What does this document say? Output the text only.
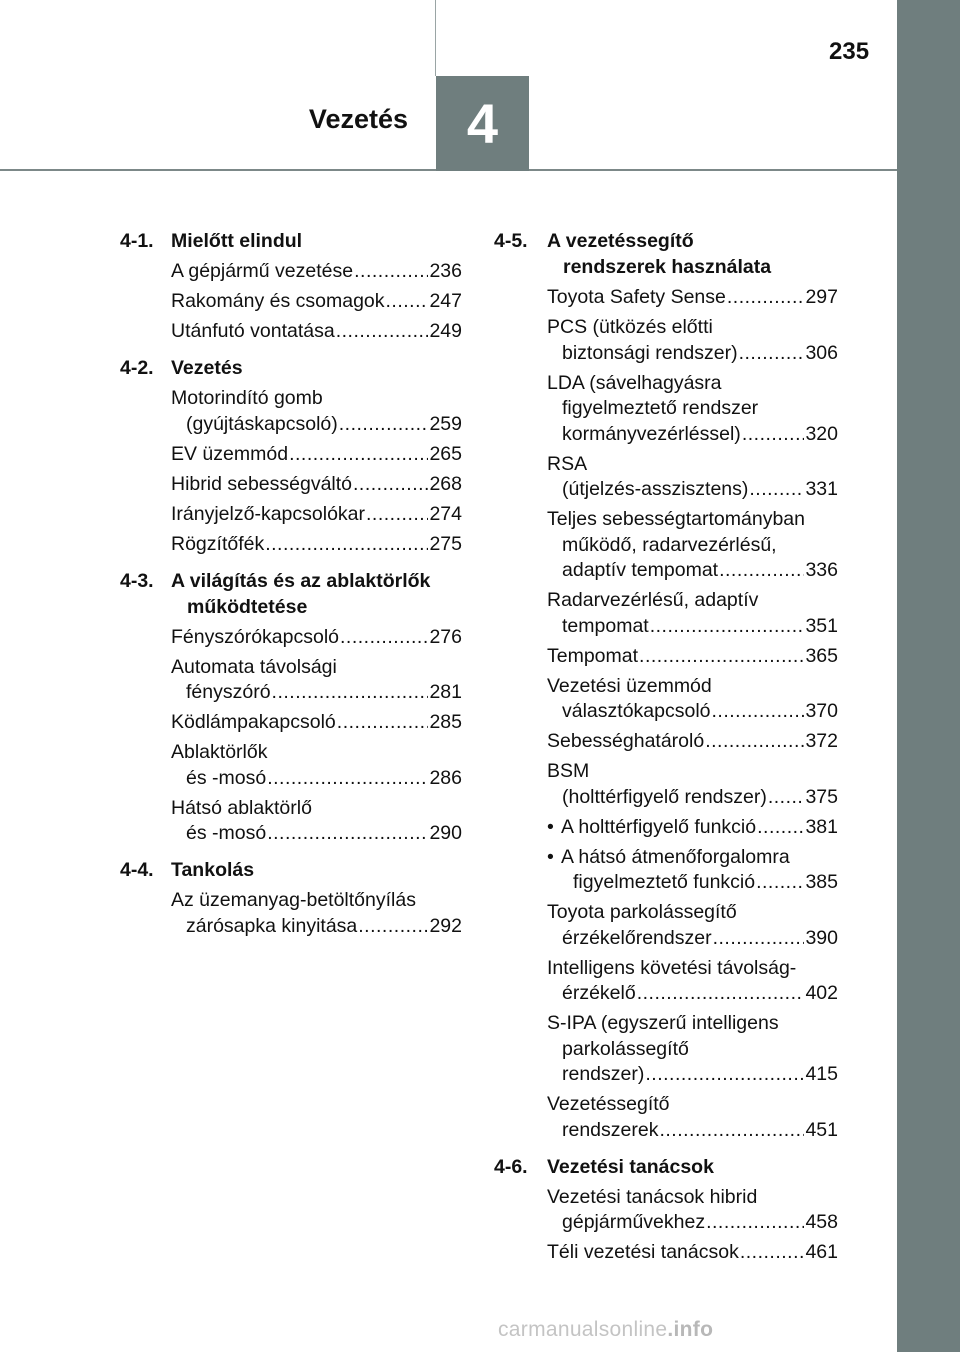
235
Vezetés 4
4-1. Mielőtt elindul
A gépjármű vezetése .....	236
Rakomány és csomagok ..... 247
Utánfutó vontatása .....	249
4-2. Vezetés
Motorindító gomb
(gyújtáskapcsoló) .....	259
EV üzemmód .....	265
Hibrid sebességváltó .....	268
Irányjelző-kapcsolókar .....	274
Rögzítőfék .....	275
4-3. A világítás és az ablaktörlők
működtetése
Fényszórókapcsoló .....	276
Automata távolsági
fényszóró .....	281
Ködlámpakapcsoló .....	285
Ablaktörlők
és -mosó .....	286
Hátsó ablaktörlő
és -mosó .....	290
4-4. Tankolás
Az üzemanyag-betöltőnyílás
zárósapka kinyitása .....	292
4-5. A vezetéssegítő
rendszerek használata
Toyota Safety Sense .....	297
PCS (ütközés előtti
biztonsági rendszer) .....	306
LDA (sávelhagyásra
figyelmeztető rendszer
kormányvezérléssel) .....	320
RSA
(útjelzés-asszisztens) .....	331
Teljes sebességtartományban
működő, radarvezérlésű,
adaptív tempomat .....	336
Radarvezérlésű, adaptív
tempomat .....	351
Tempomat .....	365
Vezetési üzemmód
választókapcsoló .....	370
Sebességhatároló .....	372
BSM
(holttérfigyelő rendszer) ..... 375
• A holttérfigyelő funkció .....	381
• A hátsó átmenőforgalomra
figyelmeztető funkció .....	385
Toyota parkolássegítő
érzékelőrendszer .....	390
Intelligens követési távolság-
érzékelő .....	402
S-IPA (egyszerű intelligens
parkolássegítő
rendszer) .....	415
Vezetéssegítő
rendszerek .....	451
4-6. Vezetési tanácsok
Vezetési tanácsok hibrid
gépjárművekhez .....	458
Téli vezetési tanácsok .....	461
carmanualsonline.info
